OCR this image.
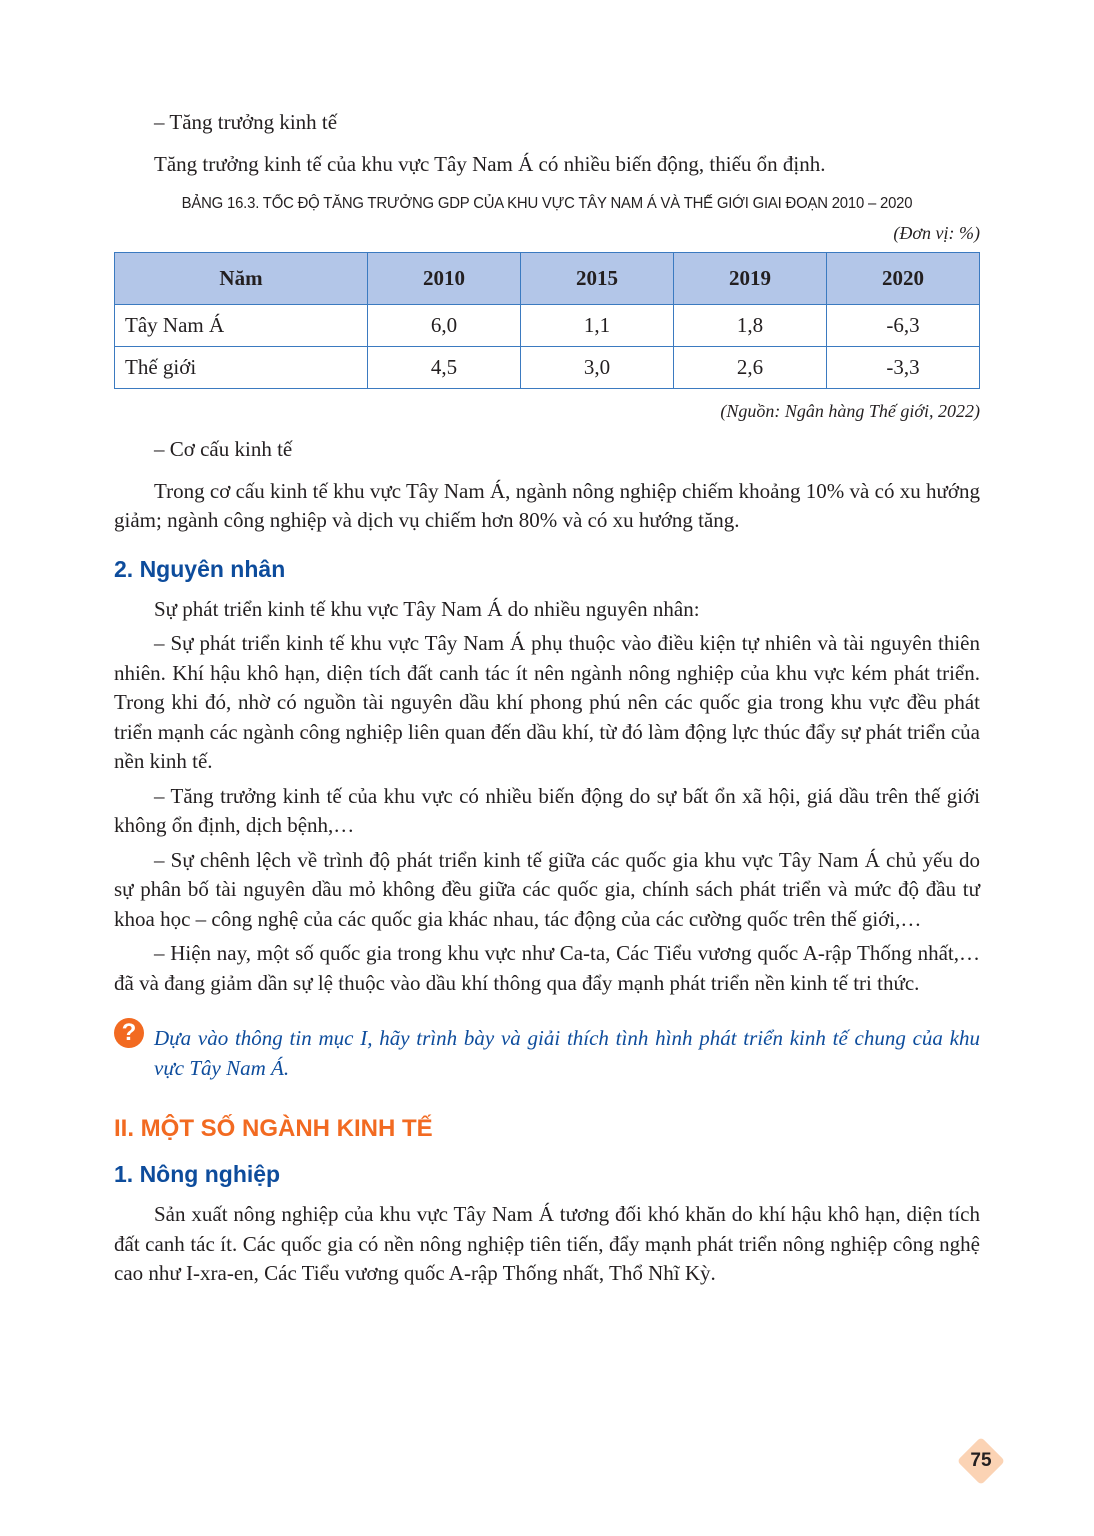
– Tăng trưởng kinh tế

Tăng trưởng kinh tế của khu vực Tây Nam Á có nhiều biến động, thiếu ổn định.

BẢNG 16.3. TỐC ĐỘ TĂNG TRƯỞNG GDP CỦA KHU VỰC TÂY NAM Á VÀ THẾ GIỚI GIAI ĐOẠN 2010 – 2020
(Đơn vị: %)
Năm	2010	2015	2019	2020
Tây Nam Á	6,0	1,1	1,8	-6,3
Thế giới	4,5	3,0	2,6	-3,3
(Nguồn: Ngân hàng Thế giới, 2022)

– Cơ cấu kinh tế

Trong cơ cấu kinh tế khu vực Tây Nam Á, ngành nông nghiệp chiếm khoảng 10% và có xu hướng giảm; ngành công nghiệp và dịch vụ chiếm hơn 80% và có xu hướng tăng.

2. Nguyên nhân

Sự phát triển kinh tế khu vực Tây Nam Á do nhiều nguyên nhân:

– Sự phát triển kinh tế khu vực Tây Nam Á phụ thuộc vào điều kiện tự nhiên và tài nguyên thiên nhiên. Khí hậu khô hạn, diện tích đất canh tác ít nên ngành nông nghiệp của khu vực kém phát triển. Trong khi đó, nhờ có nguồn tài nguyên dầu khí phong phú nên các quốc gia trong khu vực đều phát triển mạnh các ngành công nghiệp liên quan đến dầu khí, từ đó làm động lực thúc đẩy sự phát triển của nền kinh tế.

– Tăng trưởng kinh tế của khu vực có nhiều biến động do sự bất ổn xã hội, giá dầu trên thế giới không ổn định, dịch bệnh,…

– Sự chênh lệch về trình độ phát triển kinh tế giữa các quốc gia khu vực Tây Nam Á chủ yếu do sự phân bố tài nguyên dầu mỏ không đều giữa các quốc gia, chính sách phát triển và mức độ đầu tư khoa học – công nghệ của các quốc gia khác nhau, tác động của các cường quốc trên thế giới,…

– Hiện nay, một số quốc gia trong khu vực như Ca-ta, Các Tiểu vương quốc A-rập Thống nhất,… đã và đang giảm dần sự lệ thuộc vào dầu khí thông qua đẩy mạnh phát triển nền kinh tế tri thức.

? Dựa vào thông tin mục I, hãy trình bày và giải thích tình hình phát triển kinh tế chung của khu vực Tây Nam Á.

II. MỘT SỐ NGÀNH KINH TẾ
1. Nông nghiệp

Sản xuất nông nghiệp của khu vực Tây Nam Á tương đối khó khăn do khí hậu khô hạn, diện tích đất canh tác ít. Các quốc gia có nền nông nghiệp tiên tiến, đẩy mạnh phát triển nông nghiệp công nghệ cao như I-xra-en, Các Tiểu vương quốc A-rập Thống nhất, Thổ Nhĩ Kỳ.

75
